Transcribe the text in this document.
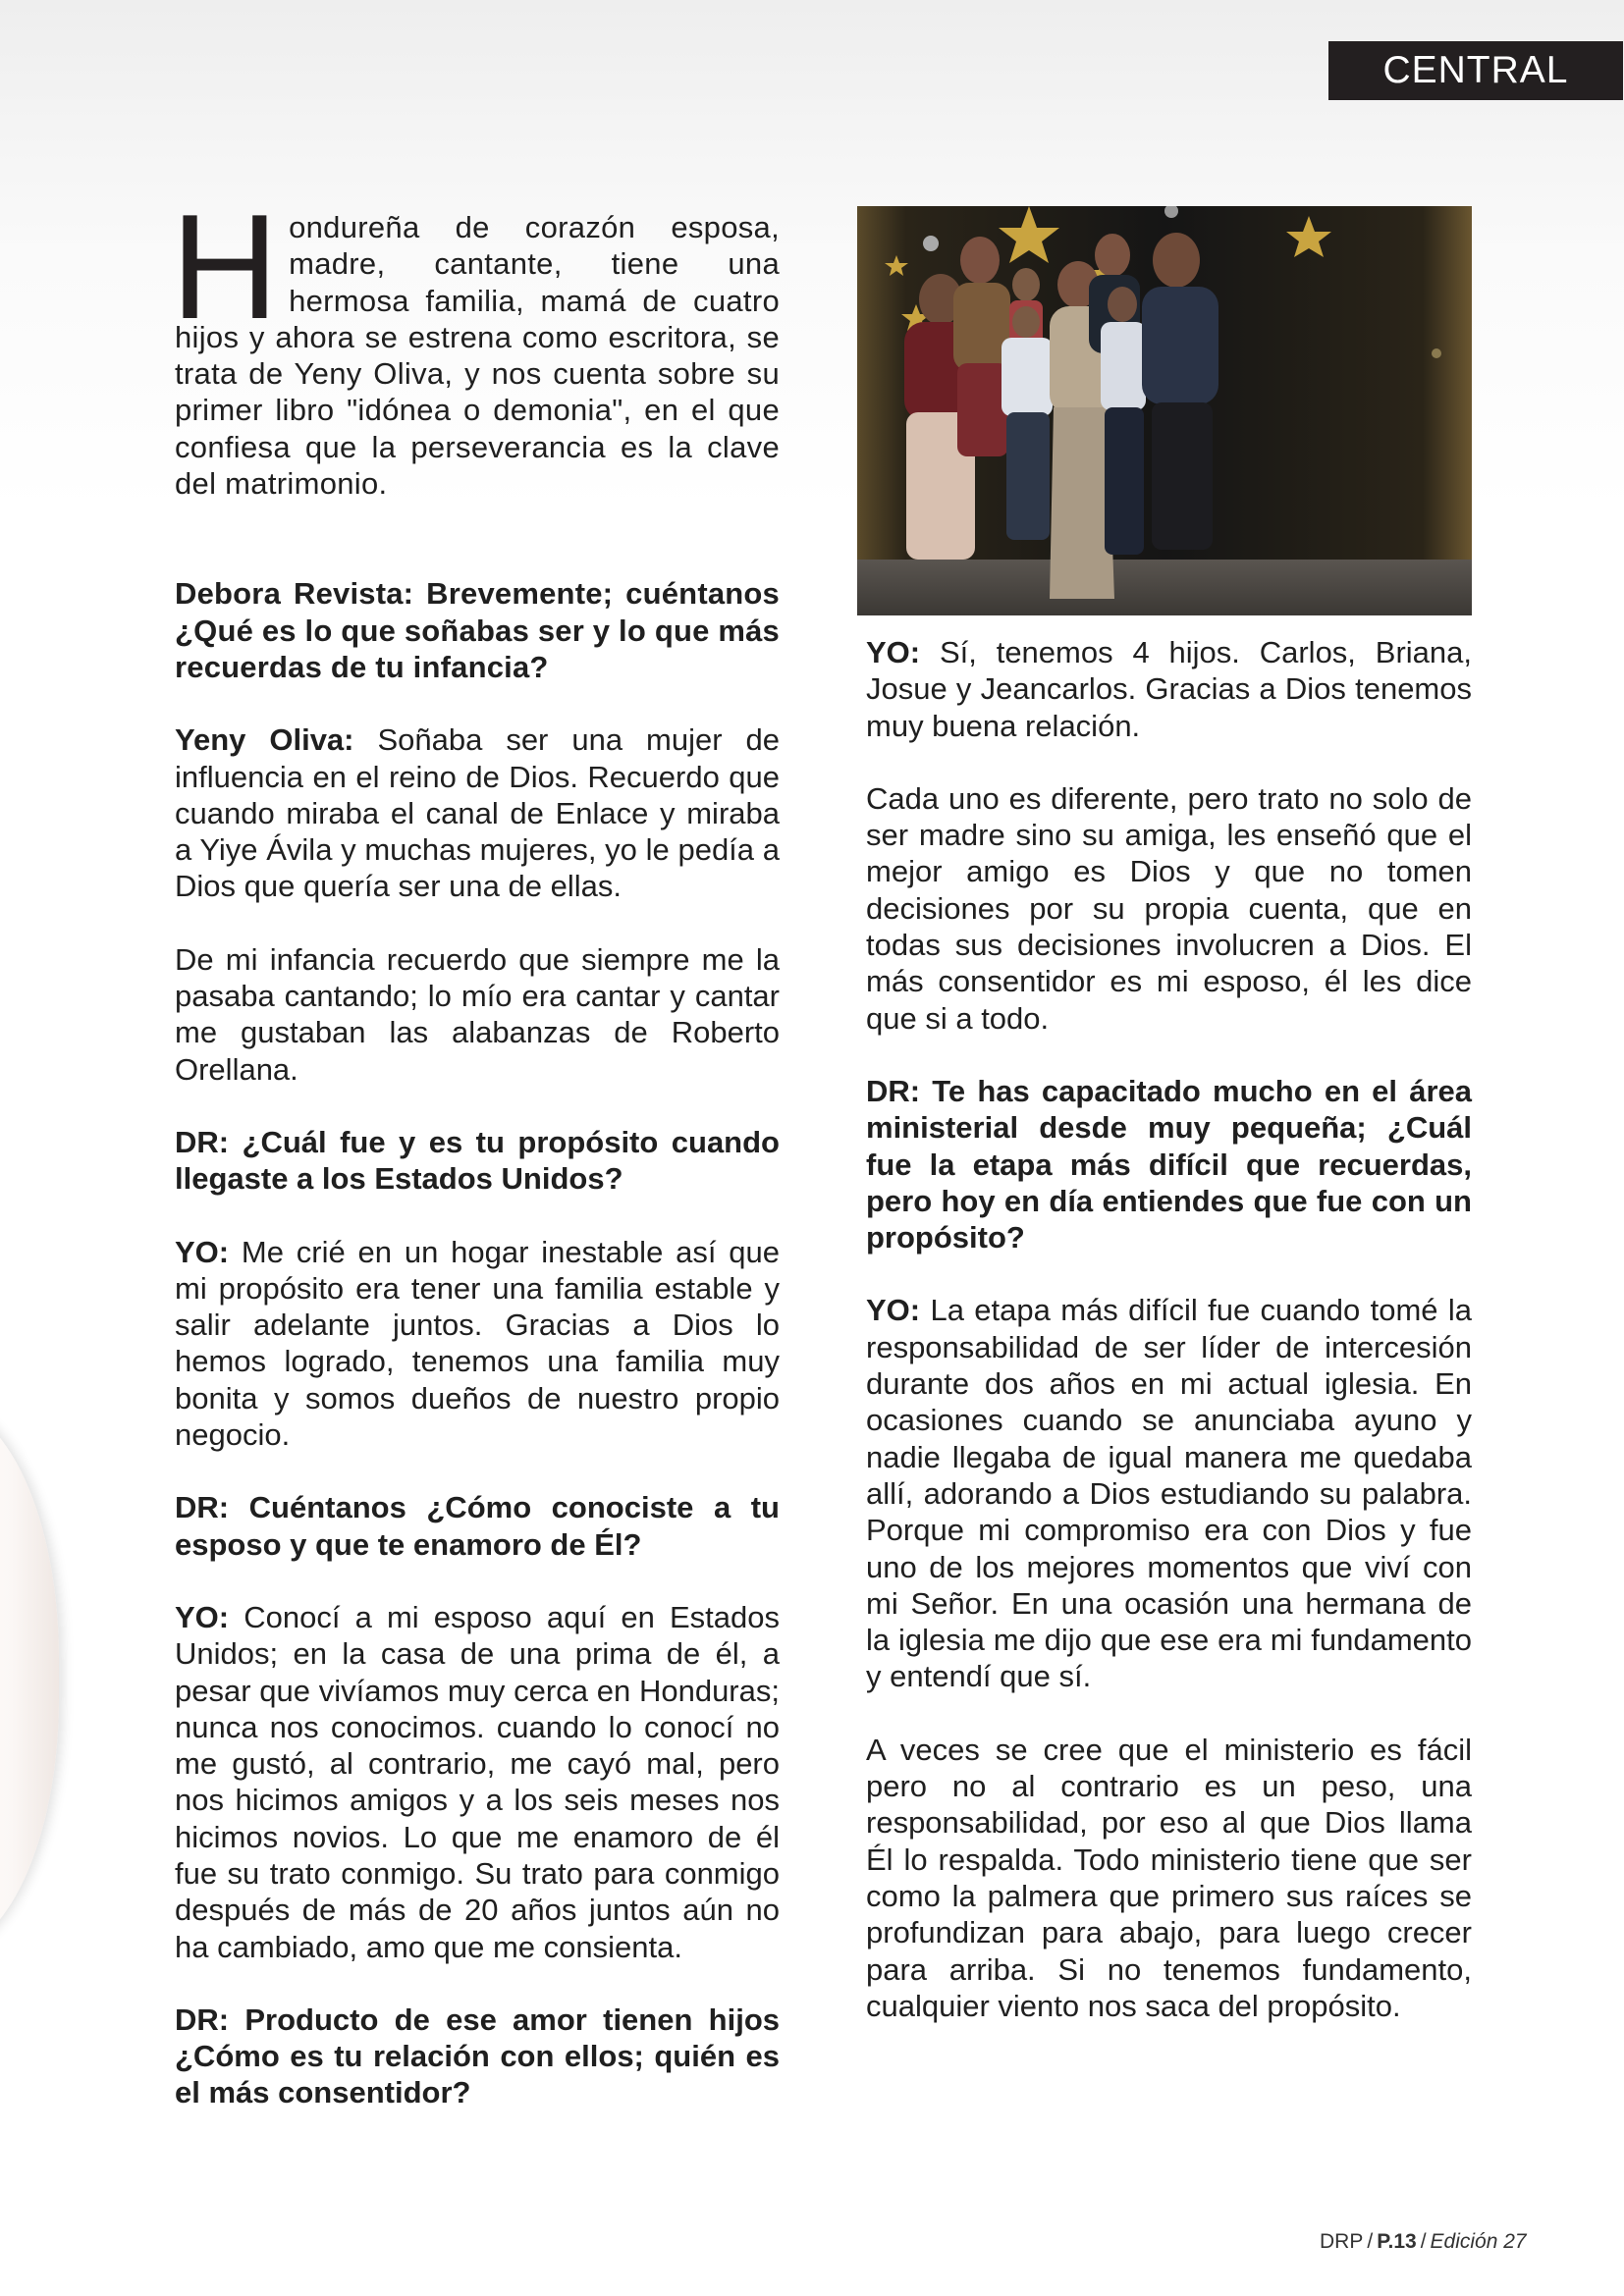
CENTRAL

Hondureña de corazón esposa, madre, cantante, tiene una hermosa familia, mamá de cuatro hijos y ahora se estrena como escritora, se trata de Yeny Oliva, y nos cuenta sobre su primer libro "idónea o demonia", en el que confiesa que la perseverancia es la clave del matrimonio.

Debora Revista: Brevemente; cuéntanos ¿Qué es lo que soñabas ser y lo que más recuerdas de tu infancia?

Yeny Oliva: Soñaba ser una mujer de influencia en el reino de Dios. Recuerdo que cuando miraba el canal de Enlace y miraba a Yiye Ávila y muchas mujeres, yo le pedía a Dios que quería ser una de ellas.

De mi infancia recuerdo que siempre me la pasaba cantando; lo mío era cantar y cantar me gustaban las alabanzas de Roberto Orellana.

DR: ¿Cuál fue y es tu propósito cuando llegaste a los Estados Unidos?

YO: Me crié en un hogar inestable así que mi propósito era tener una familia estable y salir adelante juntos. Gracias a Dios lo hemos logrado, tenemos una familia muy bonita y somos dueños de nuestro propio negocio.

DR: Cuéntanos ¿Cómo conociste a tu esposo y que te enamoro de Él?

YO: Conocí a mi esposo aquí en Estados Unidos; en la casa de una prima de él, a pesar que vivíamos muy cerca en Honduras; nunca nos conocimos. cuando lo conocí no me gustó, al contrario, me cayó mal, pero nos hicimos amigos y a los seis meses nos hicimos novios. Lo que me enamoro de él fue su trato conmigo. Su trato para conmigo después de más de 20 años juntos aún no ha cambiado, amo que me consienta.

DR: Producto de ese amor tienen hijos ¿Cómo es tu relación con ellos; quién es el más consentidor?

YO: Sí, tenemos 4 hijos. Carlos, Briana, Josue y Jeancarlos. Gracias a Dios tenemos muy buena relación.

Cada uno es diferente, pero trato no solo de ser madre sino su amiga, les enseñó que el mejor amigo es Dios y que no tomen decisiones por su propia cuenta, que en todas sus decisiones involucren a Dios. El más consentidor es mi esposo, él les dice que si a todo.

DR: Te has capacitado mucho en el área ministerial desde muy pequeña; ¿Cuál fue la etapa más difícil que recuerdas, pero hoy en día entiendes que fue con un propósito?

YO: La etapa más difícil fue cuando tomé la responsabilidad de ser líder de intercesión durante dos años en mi actual iglesia. En ocasiones cuando se anunciaba ayuno y nadie llegaba de igual manera me quedaba allí, adorando a Dios estudiando su palabra. Porque mi compromiso era con Dios y fue uno de los mejores momentos que viví con mi Señor. En una ocasión una hermana de la iglesia me dijo que ese era mi fundamento y entendí que sí.

A veces se cree que el ministerio es fácil pero no al contrario es un peso, una responsabilidad, por eso al que Dios llama Él lo respalda. Todo ministerio tiene que ser como la palmera que primero sus raíces se profundizan para abajo, para luego crecer para arriba. Si no tenemos fundamento, cualquier viento nos saca del propósito.

DRP / P.13 / Edición 27
